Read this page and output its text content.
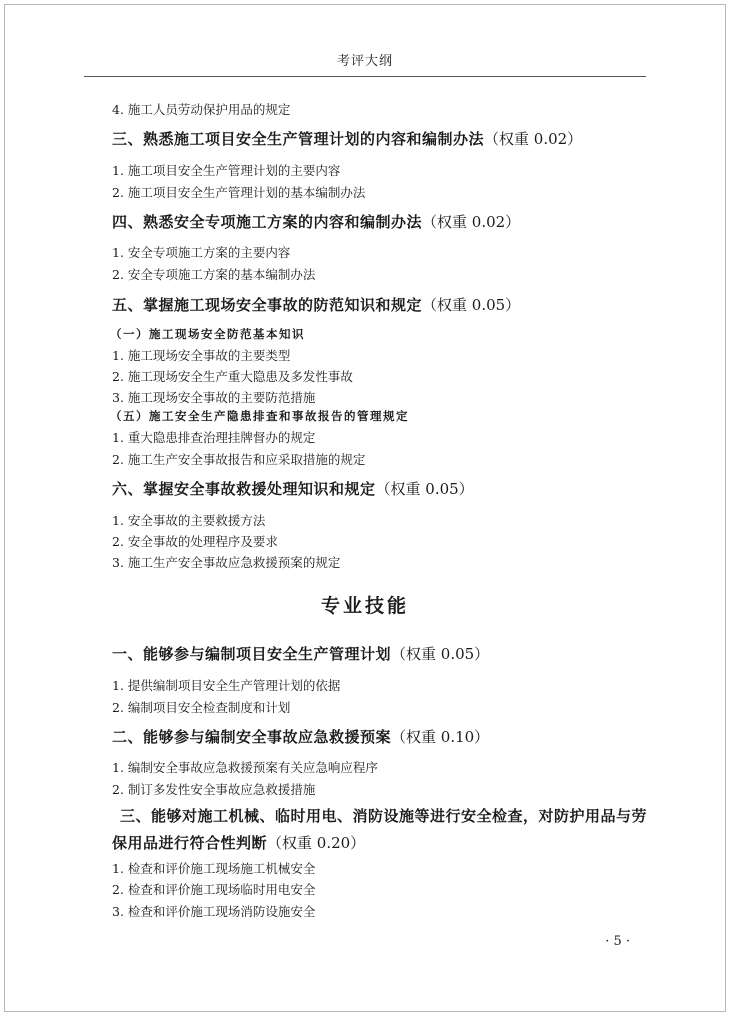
考评大纲
4. 施工人员劳动保护用品的规定
三、熟悉施工项目安全生产管理计划的内容和编制办法（权重 0.02）
1. 施工项目安全生产管理计划的主要内容
2. 施工项目安全生产管理计划的基本编制办法
四、熟悉安全专项施工方案的内容和编制办法（权重 0.02）
1. 安全专项施工方案的主要内容
2. 安全专项施工方案的基本编制办法
五、掌握施工现场安全事故的防范知识和规定（权重 0.05）
（一）施工现场安全防范基本知识
1. 施工现场安全事故的主要类型
2. 施工现场安全生产重大隐患及多发性事故
3. 施工现场安全事故的主要防范措施
（五）施工安全生产隐患排查和事故报告的管理规定
1. 重大隐患排查治理挂牌督办的规定
2. 施工生产安全事故报告和应采取措施的规定
六、掌握安全事故救援处理知识和规定（权重 0.05）
1. 安全事故的主要救援方法
2. 安全事故的处理程序及要求
3. 施工生产安全事故应急救援预案的规定
专业技能
一、能够参与编制项目安全生产管理计划（权重 0.05）
1. 提供编制项目安全生产管理计划的依据
2. 编制项目安全检查制度和计划
二、能够参与编制安全事故应急救援预案（权重 0.10）
1. 编制安全事故应急救援预案有关应急响应程序
2. 制订多发性安全事故应急救援措施
三、能够对施工机械、临时用电、消防设施等进行安全检查，对防护用品与劳保用品进行符合性判断（权重 0.20）
1. 检查和评价施工现场施工机械安全
2. 检查和评价施工现场临时用电安全
3. 检查和评价施工现场消防设施安全
· 5 ·
